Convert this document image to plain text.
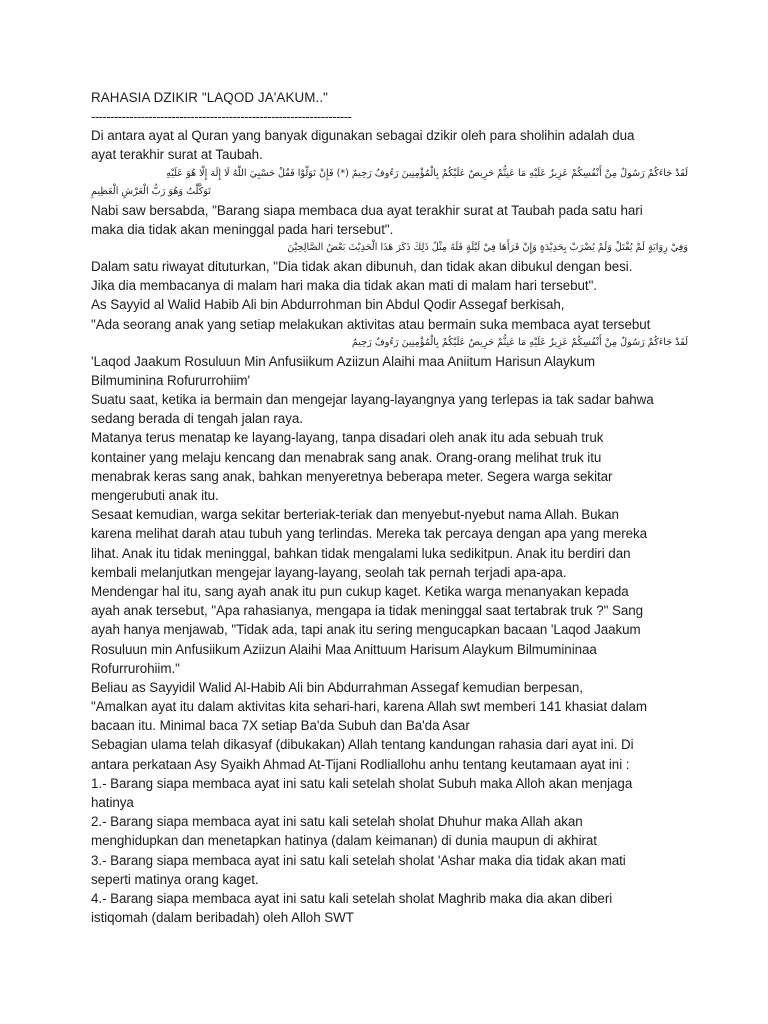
RAHASIA DZIKIR "LAQOD JA'AKUM.."
--------------------------------------------------------------------
Di antara ayat al Quran yang banyak digunakan sebagai dzikir oleh para sholihin adalah dua
ayat terakhir surat at Taubah.
لَقَدْ جَاءَكُمْ رَسُولٌ مِنْ أَنْفُسِكُمْ عَزِيزٌ عَلَيْهِ مَا عَنِتُّمْ حَرِيصٌ عَلَيْكُمْ بِالْمُؤْمِنِينَ رَءُوفٌ رَحِيمٌ (*) فَإِنْ تَوَلَّوْا فَقُلْ حَسْبِيَ اللَّهُ لَا إِلَهَ إِلَّا هُوَ عَلَيْهِ
تَوَكَّلْتُ وَهُوَ رَبُّ الْعَرْشِ الْعَظِيمِ
Nabi saw bersabda, "Barang siapa membaca dua ayat terakhir surat at Taubah pada satu hari
maka dia tidak akan meninggal pada hari tersebut".
وَفِيْ رِوَايَةٍ لَمْ يُقْتَلْ وَلَمْ يُضْرَبْ بِحَدِيْدَةٍ وَإِنْ قَرَأَهَا فِيْ لَيْلَةٍ فَلَهُ مِثْلُ ذَلِكَ ذَكَرَ هَذَا الْحَدِيْثَ بَعْضُ الصَّالِحِيْنَ
Dalam satu riwayat dituturkan, "Dia tidak akan dibunuh, dan tidak akan dibukul dengan besi.
Jika dia membacanya di malam hari maka dia tidak akan mati di malam hari tersebut".
As Sayyid al Walid Habib Ali bin Abdurrohman bin Abdul Qodir Assegaf berkisah,
"Ada seorang anak yang setiap melakukan aktivitas atau bermain suka membaca ayat tersebut
لَقَدْ جَاءَكُمْ رَسُولٌ مِنْ أَنْفُسِكُمْ عَزِيزٌ عَلَيْهِ مَا عَنِتُّمْ حَرِيصٌ عَلَيْكُمْ بِالْمُؤْمِنِينَ رَءُوفٌ رَحِيمٌ
'Laqod Jaakum Rosuluun Min Anfusiikum Aziizun Alaihi maa Aniitum Harisun Alaykum
Bilmuminina Rofururrohiim'
Suatu saat, ketika ia bermain dan mengejar layang-layangnya yang terlepas ia tak sadar bahwa
sedang berada di tengah jalan raya.
Matanya terus menatap ke layang-layang, tanpa disadari oleh anak itu ada sebuah truk
kontainer yang melaju kencang dan menabrak sang anak. Orang-orang melihat truk itu
menabrak keras sang anak, bahkan menyeretnya beberapa meter. Segera warga sekitar
mengerubuti anak itu.
Sesaat kemudian, warga sekitar berteriak-teriak dan menyebut-nyebut nama Allah. Bukan
karena melihat darah atau tubuh yang terlindas. Mereka tak percaya dengan apa yang mereka
lihat. Anak itu tidak meninggal, bahkan tidak mengalami luka sedikitpun. Anak itu berdiri dan
kembali melanjutkan mengejar layang-layang, seolah tak pernah terjadi apa-apa.
Mendengar hal itu, sang ayah anak itu pun cukup kaget. Ketika warga menanyakan kepada
ayah anak tersebut, "Apa rahasianya, mengapa ia tidak meninggal saat tertabrak truk ?" Sang
ayah hanya menjawab, "Tidak ada, tapi anak itu sering mengucapkan bacaan 'Laqod Jaakum
Rosuluun min Anfusiikum Aziizun Alaihi Maa Anittuum Harisum Alaykum Bilmumininaa
Rofurrurohiim."
Beliau as Sayyidil Walid Al-Habib Ali bin Abdurrahman Assegaf kemudian berpesan,
"Amalkan ayat itu dalam aktivitas kita sehari-hari, karena Allah swt memberi 141 khasiat dalam
bacaan itu. Minimal baca 7X setiap Ba'da Subuh dan Ba'da Asar
Sebagian ulama telah dikasyaf (dibukakan) Allah tentang kandungan rahasia dari ayat ini. Di
antara perkataan Asy Syaikh Ahmad At-Tijani Rodliallohu anhu tentang keutamaan ayat ini :
1.- Barang siapa membaca ayat ini satu kali setelah sholat Subuh maka Alloh akan menjaga
hatinya
2.- Barang siapa membaca ayat ini satu kali setelah sholat Dhuhur maka Allah akan
menghidupkan dan menetapkan hatinya (dalam keimanan) di dunia maupun di akhirat
3.- Barang siapa membaca ayat ini satu kali setelah sholat 'Ashar maka dia tidak akan mati
seperti matinya orang kaget.
4.- Barang siapa membaca ayat ini satu kali setelah sholat Maghrib maka dia akan diberi
istiqomah (dalam beribadah) oleh Alloh SWT
